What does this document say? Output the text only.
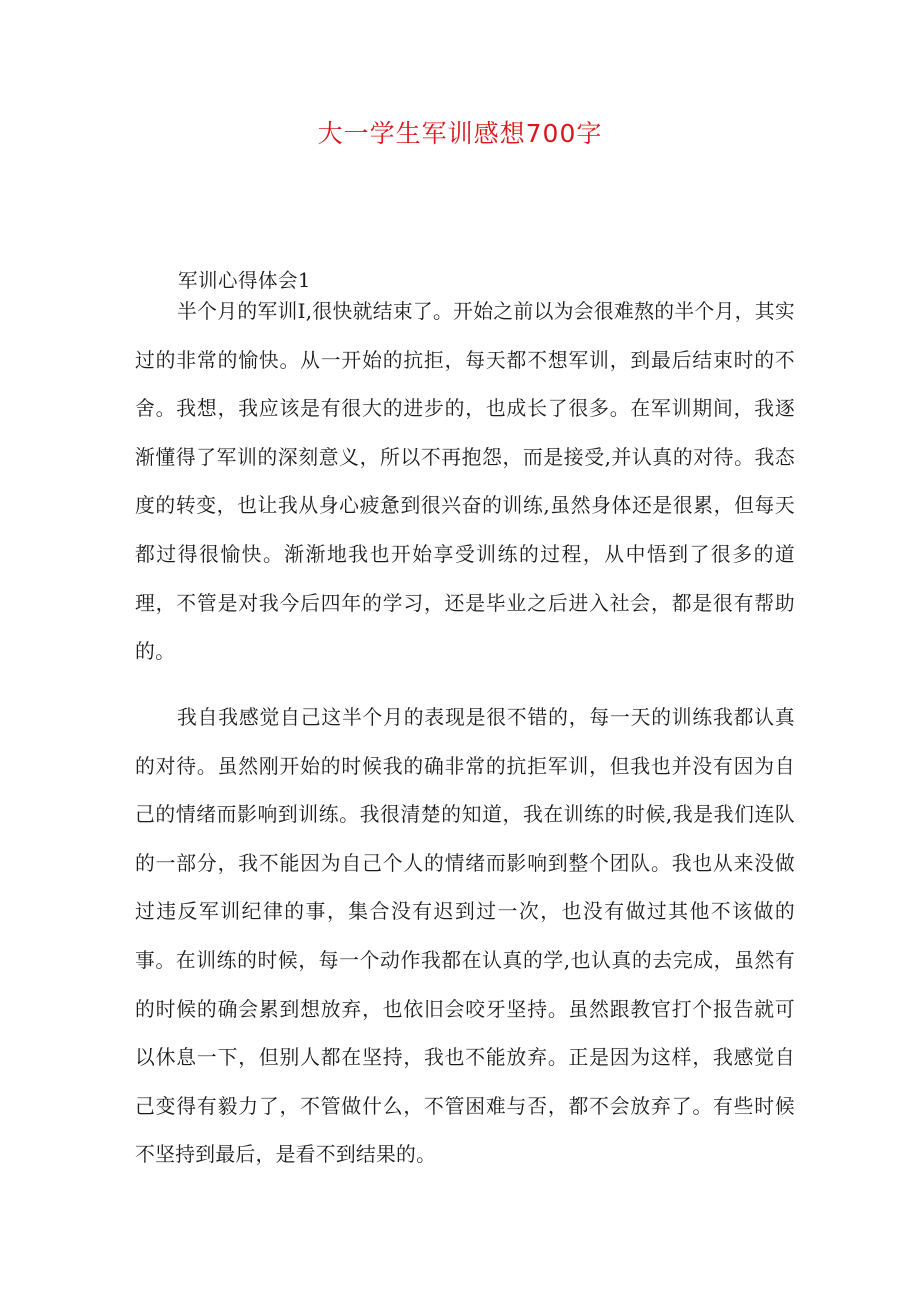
大一学生军训感想700字
军训心得体会1

半个月的军训I,很快就结束了。开始之前以为会很难熬的半个月，其实过的非常的愉快。从一开始的抗拒，每天都不想军训，到最后结束时的不舍。我想，我应该是有很大的进步的，也成长了很多。在军训期间，我逐渐懂得了军训的深刻意义，所以不再抱怨，而是接受,并认真的对待。我态度的转变，也让我从身心疲惫到很兴奋的训练,虽然身体还是很累，但每天都过得很愉快。渐渐地我也开始享受训练的过程，从中悟到了很多的道理，不管是对我今后四年的学习，还是毕业之后进入社会，都是很有帮助的。

我自我感觉自己这半个月的表现是很不错的，每一天的训练我都认真的对待。虽然刚开始的时候我的确非常的抗拒军训，但我也并没有因为自己的情绪而影响到训练。我很清楚的知道，我在训练的时候,我是我们连队的一部分，我不能因为自己个人的情绪而影响到整个团队。我也从来没做过违反军训纪律的事，集合没有迟到过一次，也没有做过其他不该做的事。在训练的时候，每一个动作我都在认真的学,也认真的去完成，虽然有的时候的确会累到想放弃，也依旧会咬牙坚持。虽然跟教官打个报告就可以休息一下，但别人都在坚持，我也不能放弃。正是因为这样，我感觉自己变得有毅力了，不管做什么，不管困难与否，都不会放弃了。有些时候不坚持到最后，是看不到结果的。
